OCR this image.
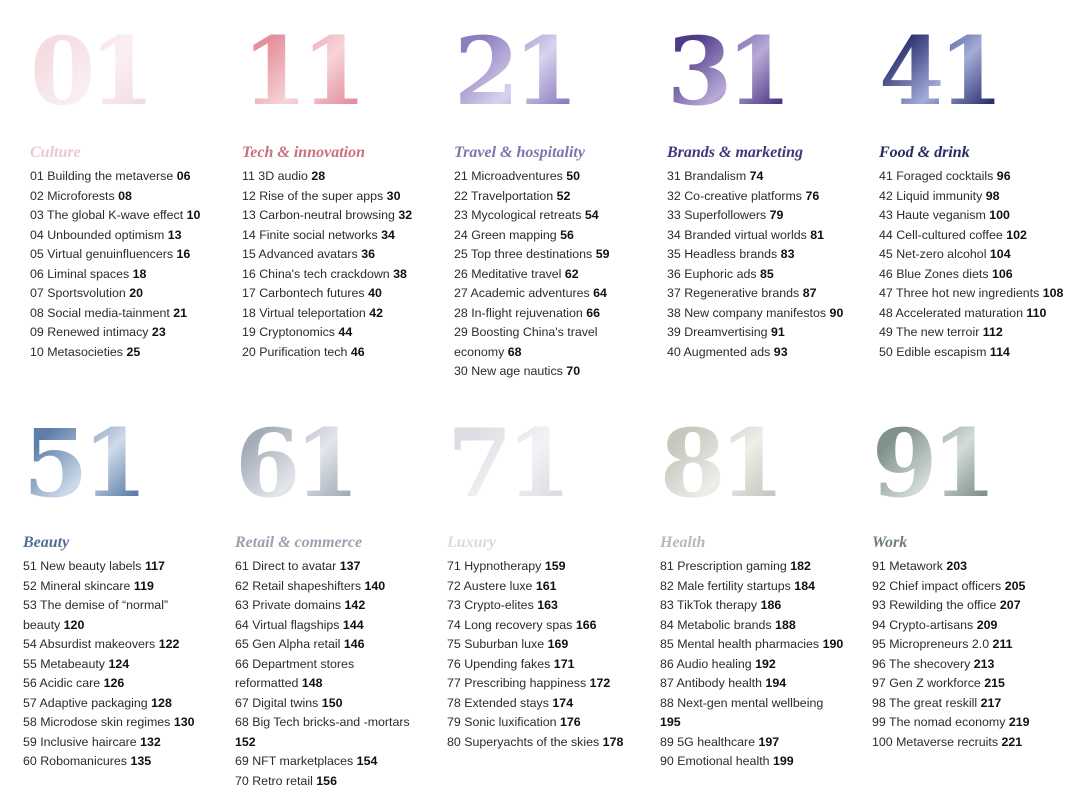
01
Culture
01 Building the metaverse 06
02 Microforests 08
03 The global K-wave effect 10
04 Unbounded optimism 13
05 Virtual genuinfluencers 16
06 Liminal spaces 18
07 Sportsvolution 20
08 Social media-tainment 21
09 Renewed intimacy 23
10 Metasocieties 25
11
Tech & innovation
11 3D audio 28
12 Rise of the super apps 30
13 Carbon-neutral browsing 32
14 Finite social networks 34
15 Advanced avatars 36
16 China's tech crackdown 38
17 Carbontech futures 40
18 Virtual teleportation 42
19 Cryptonomics 44
20 Purification tech 46
21
Travel & hospitality
21 Microadventures 50
22 Travelportation 52
23 Mycological retreats 54
24 Green mapping 56
25 Top three destinations 59
26 Meditative travel 62
27 Academic adventures 64
28 In-flight rejuvenation 66
29 Boosting China's travel economy 68
30 New age nautics 70
31
Brands & marketing
31 Brandalism 74
32 Co-creative platforms 76
33 Superfollowers 79
34 Branded virtual worlds 81
35 Headless brands 83
36 Euphoric ads 85
37 Regenerative brands 87
38 New company manifestos 90
39 Dreamvertising 91
40 Augmented ads 93
41
Food & drink
41 Foraged cocktails 96
42 Liquid immunity 98
43 Haute veganism 100
44 Cell-cultured coffee 102
45 Net-zero alcohol 104
46 Blue Zones diets 106
47 Three hot new ingredients 108
48 Accelerated maturation 110
49 The new terroir 112
50 Edible escapism 114
51
Beauty
51 New beauty labels 117
52 Mineral skincare 119
53 The demise of “normal” beauty 120
54 Absurdist makeovers 122
55 Metabeauty 124
56 Acidic care 126
57 Adaptive packaging 128
58 Microdose skin regimes 130
59 Inclusive haircare 132
60 Robomanicures 135
61
Retail & commerce
61 Direct to avatar 137
62 Retail shapeshifters 140
63 Private domains 142
64 Virtual flagships 144
65 Gen Alpha retail 146
66 Department stores reformatted 148
67 Digital twins 150
68 Big Tech bricks-and -mortars 152
69 NFT marketplaces 154
70 Retro retail 156
71
Luxury
71 Hypnotherapy 159
72 Austere luxe 161
73 Crypto-elites 163
74 Long recovery spas 166
75 Suburban luxe 169
76 Upending fakes 171
77 Prescribing happiness 172
78 Extended stays 174
79 Sonic luxification 176
80 Superyachts of the skies 178
81
Health
81 Prescription gaming 182
82 Male fertility startups 184
83 TikTok therapy 186
84 Metabolic brands 188
85 Mental health pharmacies 190
86 Audio healing 192
87 Antibody health 194
88 Next-gen mental wellbeing 195
89 5G healthcare 197
90 Emotional health 199
91
Work
91 Metawork 203
92 Chief impact officers 205
93 Rewilding the office 207
94 Crypto-artisans 209
95 Micropreneurs 2.0 211
96 The shecovery 213
97 Gen Z workforce 215
98 The great reskill 217
99 The nomad economy 219
100 Metaverse recruits 221
